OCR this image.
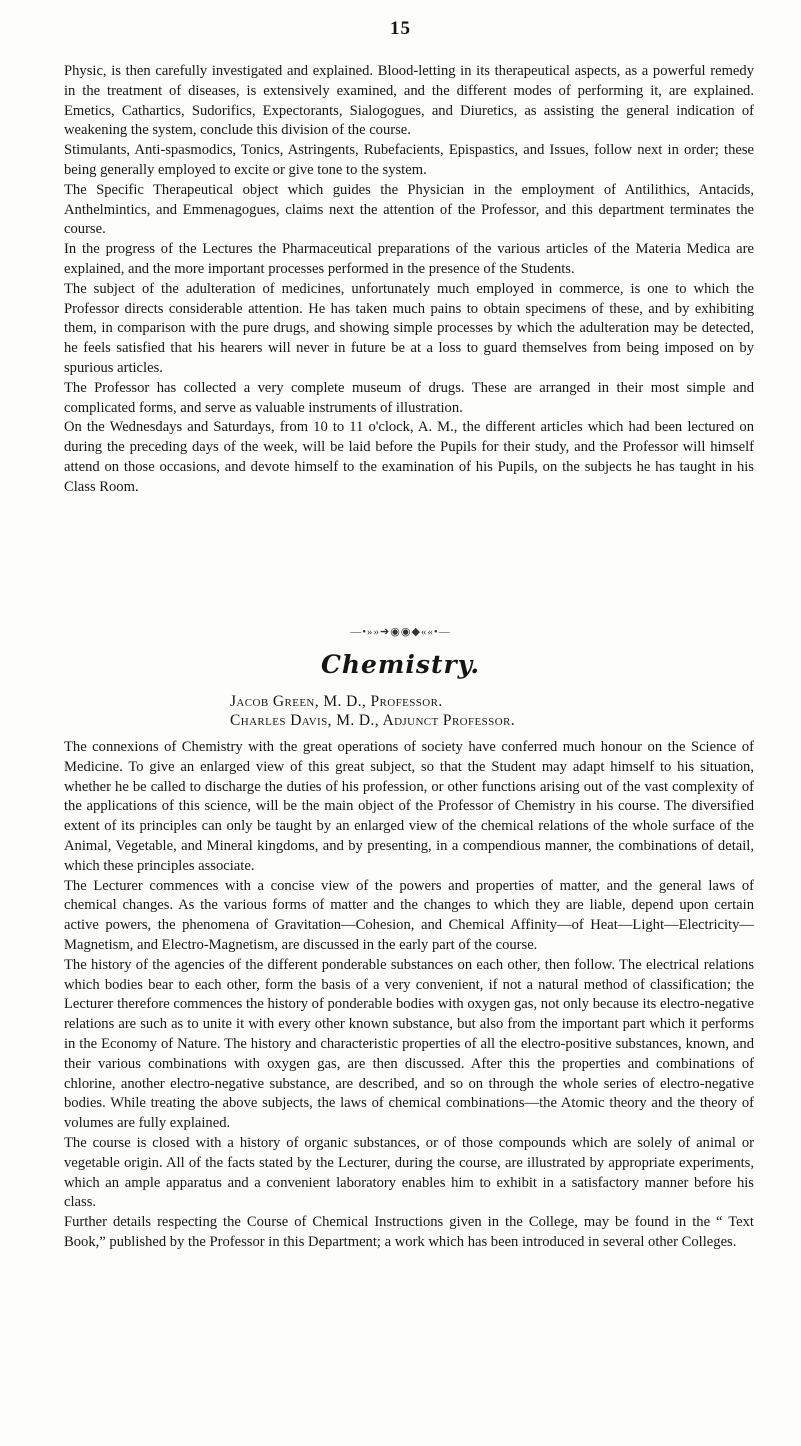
15

Physic, is then carefully investigated and explained. Blood-letting in its therapeutical aspects, as a powerful remedy in the treatment of diseases, is extensively examined, and the different modes of performing it, are explained. Emetics, Cathartics, Sudorifics, Expectorants, Sialogogues, and Diuretics, as assisting the general indication of weakening the system, conclude this division of the course.

Stimulants, Anti-spasmodics, Tonics, Astringents, Rubefacients, Epispastics, and Issues, follow next in order; these being generally employed to excite or give tone to the system.

The Specific Therapeutical object which guides the Physician in the employment of Antilithics, Antacids, Anthelmintics, and Emmenagogues, claims next the attention of the Professor, and this department terminates the course.

In the progress of the Lectures the Pharmaceutical preparations of the various articles of the Materia Medica are explained, and the more important processes performed in the presence of the Students.

The subject of the adulteration of medicines, unfortunately much employed in commerce, is one to which the Professor directs considerable attention. He has taken much pains to obtain specimens of these, and by exhibiting them, in comparison with the pure drugs, and showing simple processes by which the adulteration may be detected, he feels satisfied that his hearers will never in future be at a loss to guard themselves from being imposed on by spurious articles.

The Professor has collected a very complete museum of drugs. These are arranged in their most simple and complicated forms, and serve as valuable instruments of illustration.

On the Wednesdays and Saturdays, from 10 to 11 o'clock, A. M., the different articles which had been lectured on during the preceding days of the week, will be laid before the Pupils for their study, and the Professor will himself attend on those occasions, and devote himself to the examination of his Pupils, on the subjects he has taught in his Class Room.

—•»»➔◉◉◆««•—
Chemistry.
Jacob Green, M. D., Professor.
Charles Davis, M. D., Adjunct Professor.

The connexions of Chemistry with the great operations of society have conferred much honour on the Science of Medicine. To give an enlarged view of this great subject, so that the Student may adapt himself to his situation, whether he be called to discharge the duties of his profession, or other functions arising out of the vast complexity of the applications of this science, will be the main object of the Professor of Chemistry in his course. The diversified extent of its principles can only be taught by an enlarged view of the chemical relations of the whole surface of the Animal, Vegetable, and Mineral kingdoms, and by presenting, in a compendious manner, the combinations of detail, which these principles associate.

The Lecturer commences with a concise view of the powers and properties of matter, and the general laws of chemical changes. As the various forms of matter and the changes to which they are liable, depend upon certain active powers, the phenomena of Gravitation—Cohesion, and Chemical Affinity—of Heat—Light—Electricity—Magnetism, and Electro-Magnetism, are discussed in the early part of the course.

The history of the agencies of the different ponderable substances on each other, then follow. The electrical relations which bodies bear to each other, form the basis of a very convenient, if not a natural method of classification; the Lecturer therefore commences the history of ponderable bodies with oxygen gas, not only because its electro-negative relations are such as to unite it with every other known substance, but also from the important part which it performs in the Economy of Nature. The history and characteristic properties of all the electro-positive substances, known, and their various combinations with oxygen gas, are then discussed. After this the properties and combinations of chlorine, another electro-negative substance, are described, and so on through the whole series of electro-negative bodies. While treating the above subjects, the laws of chemical combinations—the Atomic theory and the theory of volumes are fully explained.

The course is closed with a history of organic substances, or of those compounds which are solely of animal or vegetable origin. All of the facts stated by the Lecturer, during the course, are illustrated by appropriate experiments, which an ample apparatus and a convenient laboratory enables him to exhibit in a satisfactory manner before his class.

Further details respecting the Course of Chemical Instructions given in the College, may be found in the “ Text Book,” published by the Professor in this Department; a work which has been introduced in several other Colleges.
